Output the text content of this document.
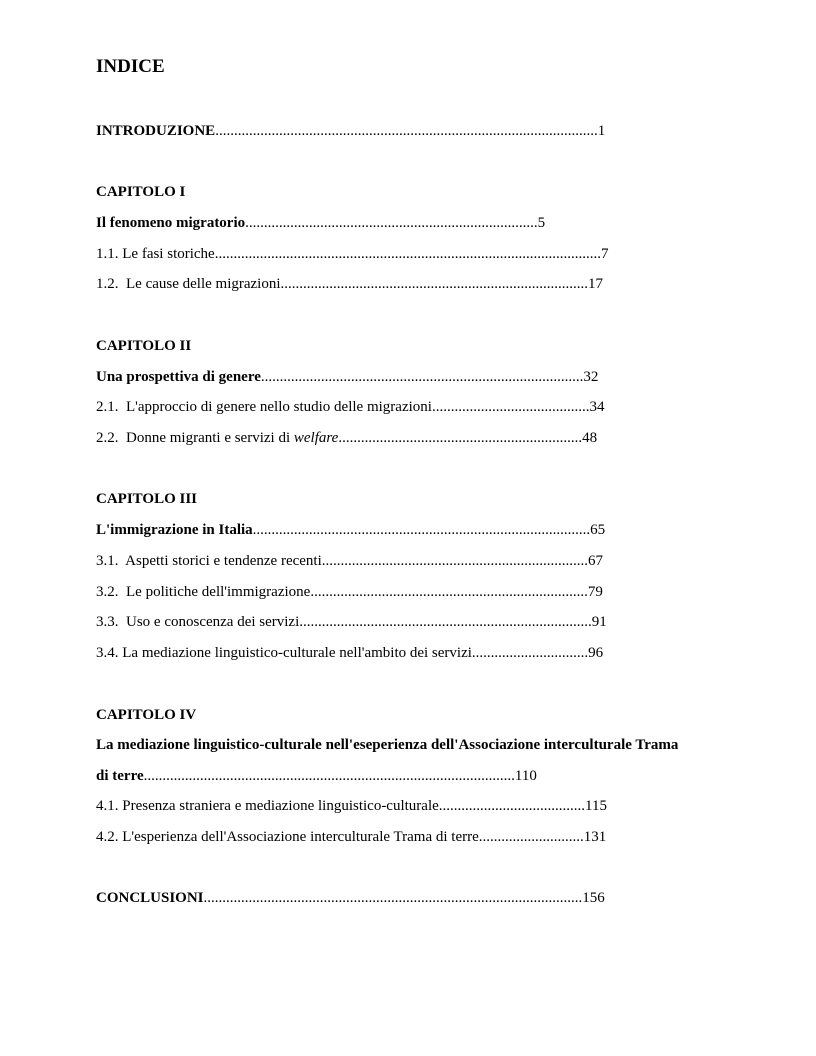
INDICE
INTRODUZIONE......................................................................................................1
CAPITOLO I
Il fenomeno migratorio..............................................................................5
1.1. Le fasi storiche.......................................................................................................7
1.2.  Le cause delle migrazioni..................................................................................17
CAPITOLO II
Una prospettiva di genere......................................................................................32
2.1.  L'approccio di genere nello studio delle migrazioni..........................................34
2.2.  Donne migranti e servizi di welfare.................................................................48
CAPITOLO III
L'immigrazione in Italia..........................................................................................65
3.1.  Aspetti storici e tendenze recenti.......................................................................67
3.2.  Le politiche dell'immigrazione..........................................................................79
3.3.  Uso e conoscenza dei servizi..............................................................................91
3.4. La mediazione linguistico-culturale nell'ambito dei servizi...............................96
CAPITOLO IV
La mediazione linguistico-culturale nell'eseperienza dell'Associazione interculturale Trama
di terre...................................................................................................110
4.1. Presenza straniera e mediazione linguistico-culturale.......................................115
4.2. L'esperienza dell'Associazione interculturale Trama di terre............................131
CONCLUSIONI.....................................................................................................156
